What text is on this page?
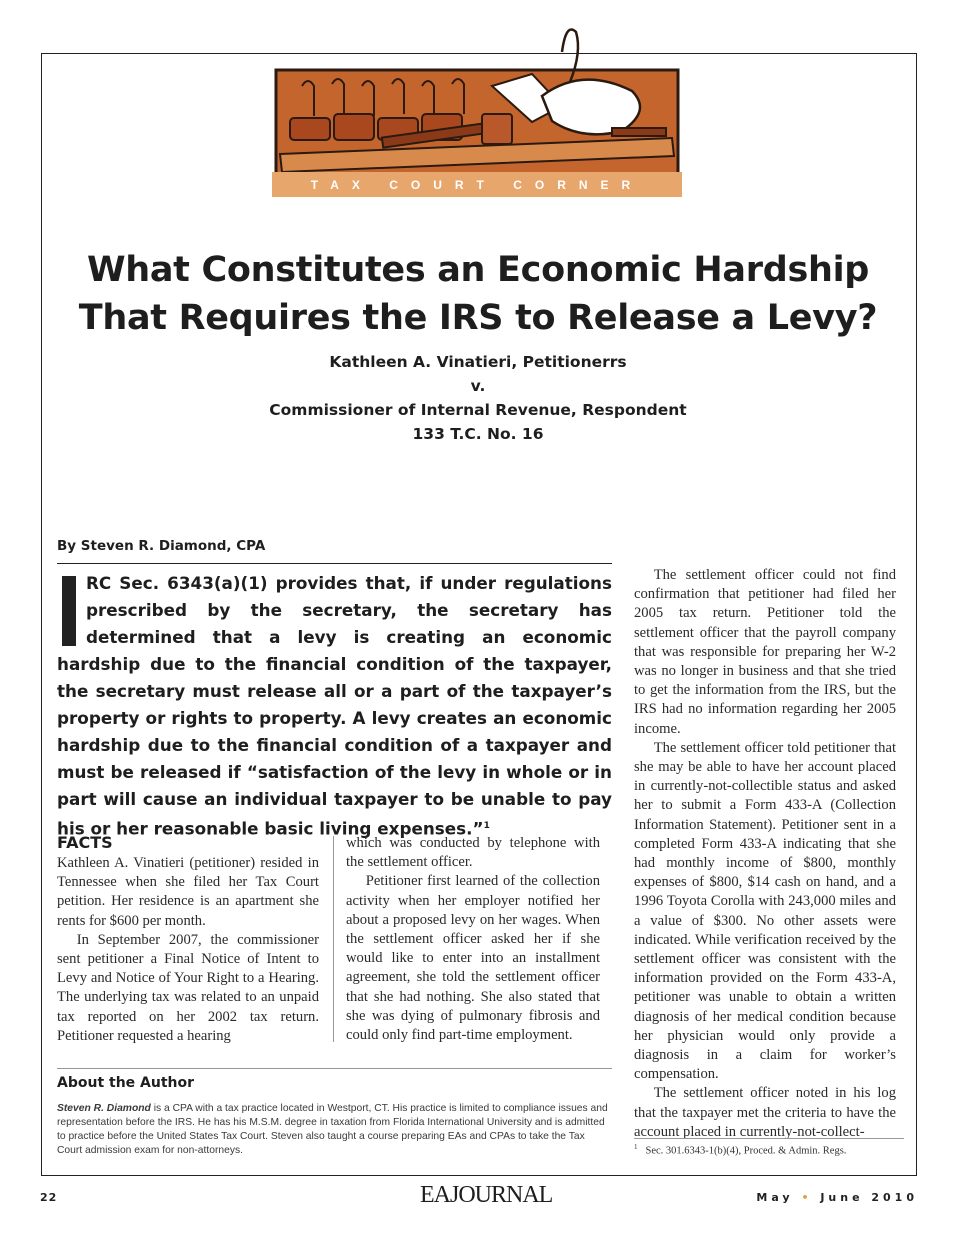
TAX COURT CORNER
What Constitutes an Economic Hardship That Requires the IRS to Release a Levy?
Kathleen A. Vinatieri, Petitionerrs
v.
Commissioner of Internal Revenue, Respondent
133 T.C. No. 16
By Steven R. Diamond, CPA
RC Sec. 6343(a)(1) provides that, if under regulations prescribed by the secretary, the secretary has determined that a levy is creating an economic hardship due to the financial condition of the taxpayer, the secretary must release all or a part of the taxpayer’s property or rights to property. A levy creates an economic hardship due to the financial condition of a taxpayer and must be released if “satisfaction of the levy in whole or in part will cause an individual taxpayer to be unable to pay his or her reasonable basic living expenses.”$^1$
FACTS

Kathleen A. Vinatieri (petitioner) resided in Tennessee when she filed her Tax Court petition. Her residence is an apartment she rents for $600 per month.

In September 2007, the commissioner sent petitioner a Final Notice of Intent to Levy and Notice of Your Right to a Hearing. The underlying tax was related to an unpaid tax reported on her 2002 tax return. Petitioner requested a hearing

which was conducted by telephone with the settlement officer.

Petitioner first learned of the collection activity when her employer notified her about a proposed levy on her wages. When the settlement officer asked her if she would like to enter into an installment agreement, she told the settlement officer that she had nothing. She also stated that she was dying of pulmonary fibrosis and could only find part-time employment.

The settlement officer could not find confirmation that petitioner had filed her 2005 tax return. Petitioner told the settlement officer that the payroll company that was responsible for preparing her W-2 was no longer in business and that she tried to get the information from the IRS, but the IRS had no information regarding her 2005 income.

The settlement officer told petitioner that she may be able to have her account placed in currently-not-collectible status and asked her to submit a Form 433-A (Collection Information Statement). Petitioner sent in a completed Form 433-A indicating that she had monthly income of $800, monthly expenses of $800, $14 cash on hand, and a 1996 Toyota Corolla with 243,000 miles and a value of $300. No other assets were indicated. While verification received by the settlement officer was consistent with the information provided on the Form 433-A, petitioner was unable to obtain a written diagnosis of her medical condition because her physician would only provide a diagnosis in a claim for worker’s compensation.

The settlement officer noted in his log that the taxpayer met the criteria to have the account placed in currently-not-collect-

About the Author
Steven R. Diamond is a CPA with a tax practice located in Westport, CT. His practice is limited to compliance issues and representation before the IRS. He has his M.S.M. degree in taxation from Florida International University and is admitted to practice before the United States Tax Court. Steven also taught a course preparing EAs and CPAs to take the Tax Court admission exam for non-attorneys.	$^1$ Sec. 301.6343-1(b)(4), Proced. & Admin. Regs.
22	EAJOURNAL	May • June 2010
